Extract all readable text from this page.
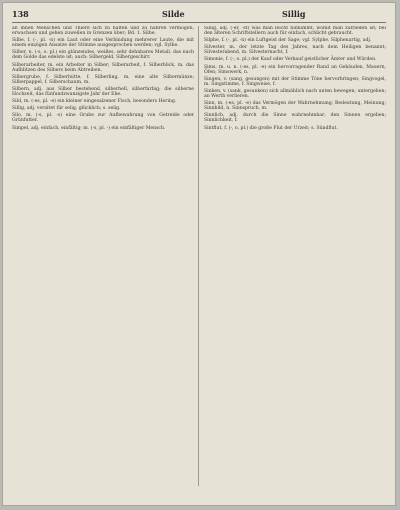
138	Silde	Sillig

an ihnen Menschen und Thiere sich zu halten und zu nähren vermögen, erwachsen und gehen zuweilen in Grenzen über; Bd. 1. Silbe.

Silbe, f. (-, pl. -n) ein Laut oder eine Verbindung mehrerer Laute, die mit einem einzigen Ansatze der Stimme ausgesprochen werden; vgl. Sylbe.

Silber, n. (-s, o. pl.) ein glänzendes, weißes, sehr dehnbares Metall, das nach dem Golde das edelste ist; auch: Silbergeld, Silbergeschirr.

Silberarbeiter, m. ein Arbeiter in Silber; Silberarbeit, f. Silberblick, m. das Aufblitzen des Silbers beim Abtreiben.

Silbergrube, f. Silberhütte, f. Silberling, m. eine alte Silbermünze; Silberpappel, f. Silberschaum, m.

Silbern, adj. aus Silber bestehend, silberhell, silberfarbig; die silberne Hochzeit, das fünfundzwanzigste Jahr der Ehe.

Sild, m. (-es, pl. -e) ein kleiner eingesalzener Fisch, besonders Hering.

Sillig, adj. veraltet für selig, glücklich; s. selig.

Silo, m. (-s, pl. -s) eine Grube zur Aufbewahrung von Getreide oder Grünfutter.

Simpel, adj. einfach, einfältig; m. (-s, pl. -) ein einfältiger Mensch.

Sillig, adj. (-er, -st) was man leicht hinnimmt, womit man zufrieden ist; bei den älteren Schriftstellern auch für einfach, schlicht gebraucht.

Silphe, f. (-, pl. -n) ein Luftgeist der Sage; vgl. Sylphe. Silphenartig, adj.

Silvester, m. der letzte Tag des Jahres, nach dem Heiligen benannt; Silvesterabend, m. Silvesternacht, f.

Simonie, f. (-, o. pl.) der Kauf oder Verkauf geistlicher Ämter und Würden.

Sims, m. u. n. (-es, pl. -e) ein hervorragender Rand an Gebäuden, Mauern, Öfen; Simswerk, n.

Singen, v. (sang, gesungen) mit der Stimme Töne hervorbringen; Singvogel, m. Singstimme, f. Singweise, f.

Sinken, v. (sank, gesunken) sich allmählich nach unten bewegen; untergehen; an Werth verlieren.

Sinn, m. (-es, pl. -e) das Vermögen der Wahrnehmung; Bedeutung, Meinung; Sinnbild, n. Sinnspruch, m.

Sinnlich, adj. durch die Sinne wahrnehmbar; den Sinnen ergeben; Sinnlichkeit, f.

Sintflut, f. (-, o. pl.) die große Flut der Urzeit; s. Sündflut.
